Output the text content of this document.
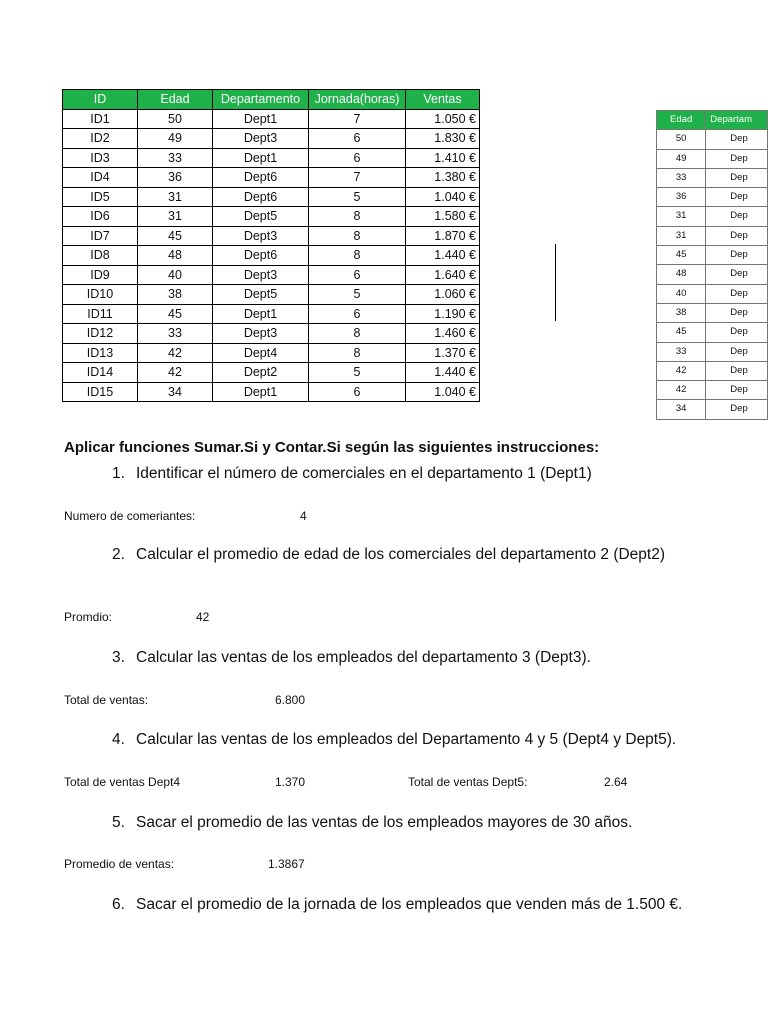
ID	Edad	Departamento	Jornada(horas)	Ventas
ID1	50	Dept1	7	1.050 €
ID2	49	Dept3	6	1.830 €
ID3	33	Dept1	6	1.410 €
ID4	36	Dept6	7	1.380 €
ID5	31	Dept6	5	1.040 €
ID6	31	Dept5	8	1.580 €
ID7	45	Dept3	8	1.870 €
ID8	48	Dept6	8	1.440 €
ID9	40	Dept3	6	1.640 €
ID10	38	Dept5	5	1.060 €
ID11	45	Dept1	6	1.190 €
ID12	33	Dept3	8	1.460 €
ID13	42	Dept4	8	1.370 €
ID14	42	Dept2	5	1.440 €
ID15	34	Dept1	6	1.040 €
Edad	Departam
50	Dep
49	Dep
33	Dep
36	Dep
31	Dep
31	Dep
45	Dep
48	Dep
40	Dep
38	Dep
45	Dep
33	Dep
42	Dep
42	Dep
34	Dep

Aplicar funciones Sumar.Si y Contar.Si según las siguientes instrucciones:

1. Identificar el número de comerciales en el departamento 1 (Dept1)

Numero de comeriantes:	4

2. Calcular el promedio de edad de los comerciales del departamento 2 (Dept2)

Promdio:	42

3. Calcular las ventas de los empleados del departamento 3 (Dept3).

Total de ventas:	6.800

4. Calcular las ventas de los empleados del Departamento 4 y 5 (Dept4 y Dept5).

Total de ventas Dept4	1.370	Total de ventas Dept5:	2.64

5. Sacar el promedio de las ventas de los empleados mayores de 30 años.

Promedio de ventas:	1.3867

6. Sacar el promedio de la jornada de los empleados que venden más de 1.500 €.
